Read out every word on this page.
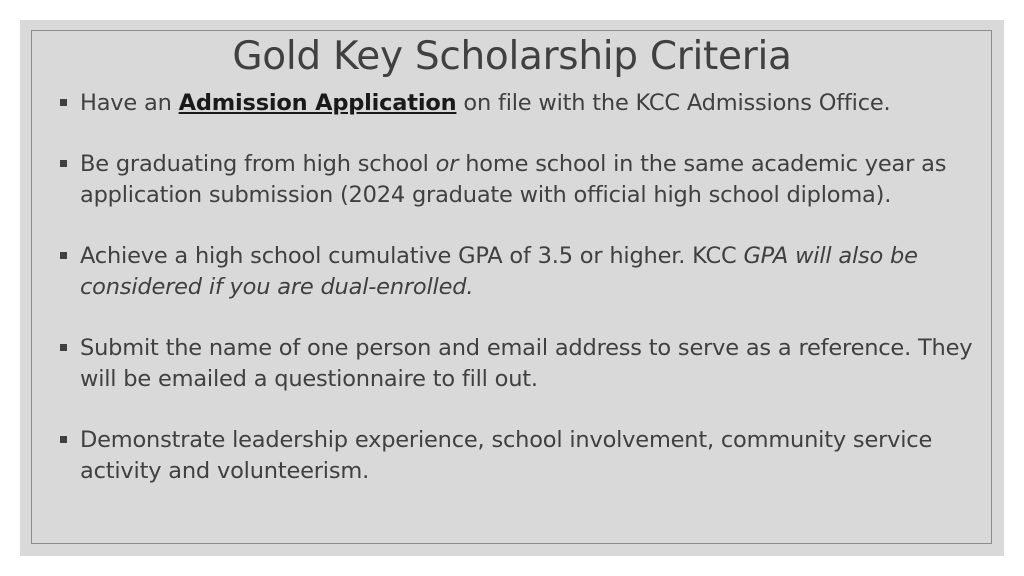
Gold Key Scholarship Criteria
Have an Admission Application on file with the KCC Admissions Office.
Be graduating from high school or home school in the same academic year as application submission (2024 graduate with official high school diploma).
Achieve a high school cumulative GPA of 3.5 or higher. KCC GPA will also be considered if you are dual-enrolled.
Submit the name of one person and email address to serve as a reference. They will be emailed a questionnaire to fill out.
Demonstrate leadership experience, school involvement, community service activity and volunteerism.
